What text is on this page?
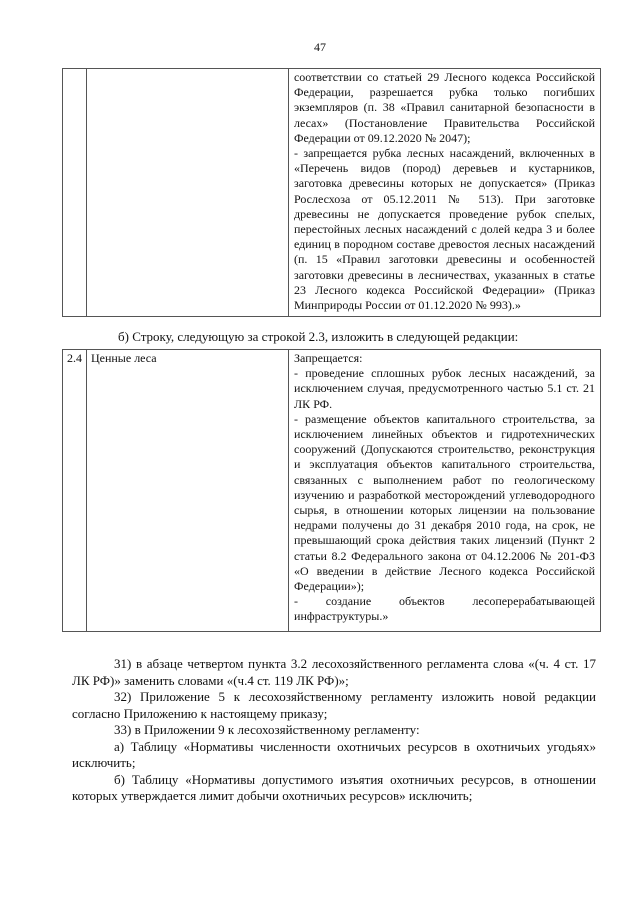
47

соответствии со статьей 29 Лесного кодекса Российской Федерации, разрешается рубка только погибших экземпляров (п. 38 «Правил санитарной безопасности в лесах» (Постановление Правительства Российской Федерации от 09.12.2020 № 2047);

- запрещается рубка лесных насаждений, включенных в «Перечень видов (пород) деревьев и кустарников, заготовка древесины которых не допускается» (Приказ Рослесхоза от 05.12.2011 № 513). При заготовке древесины не допускается проведение рубок спелых, перестойных лесных насаждений с долей кедра 3 и более единиц в породном составе древостоя лесных насаждений (п. 15 «Правил заготовки древесины и особенностей заготовки древесины в лесничествах, указанных в статье 23 Лесного кодекса Российской Федерации» (Приказ Минприроды России от 01.12.2020 № 993).»

б) Строку, следующую за строкой 2.3, изложить в следующей редакции:
2.4	Ценные леса	Запрещается:

- проведение сплошных рубок лесных насаждений, за исключением случая, предусмотренного частью 5.1 ст. 21 ЛК РФ.

- размещение объектов капитального строительства, за исключением линейных объектов и гидротехнических сооружений (Допускаются строительство, реконструкция и эксплуатация объектов капитального строительства, связанных с выполнением работ по геологическому изучению и разработкой месторождений углеводородного сырья, в отношении которых лицензии на пользование недрами получены до 31 декабря 2010 года, на срок, не превышающий срока действия таких лицензий (Пункт 2 статьи 8.2 Федерального закона от 04.12.2006 № 201-ФЗ «О введении в действие Лесного кодекса Российской Федерации»);

- создание объектов лесоперерабатывающей инфраструктуры.»

31) в абзаце четвертом пункта 3.2 лесохозяйственного регламента слова «(ч. 4 ст. 17 ЛК РФ)» заменить словами «(ч.4 ст. 119 ЛК РФ)»;

32) Приложение 5 к лесохозяйственному регламенту изложить новой редакции согласно Приложению к настоящему приказу;

33) в Приложении 9 к лесохозяйственному регламенту:

а) Таблицу «Нормативы численности охотничьих ресурсов в охотничьих угодьях» исключить;

б) Таблицу «Нормативы допустимого изъятия охотничьих ресурсов, в отношении которых утверждается лимит добычи охотничьих ресурсов» исключить;
